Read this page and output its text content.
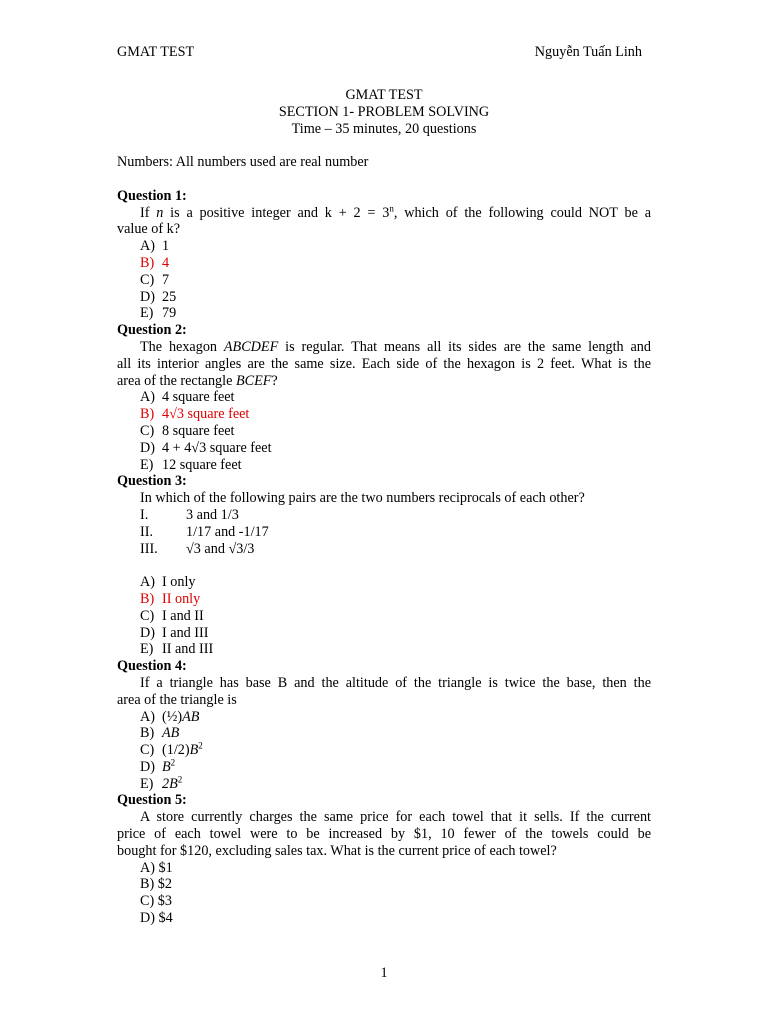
GMAT TEST	Nguyễn Tuấn Linh
GMAT TEST
SECTION 1- PROBLEM SOLVING
Time – 35 minutes, 20 questions
Numbers: All numbers used are real number
Question 1:
If n is a positive integer and $k + 2 = 3^n$, which of the following could NOT be a
value of k?
A) 1
B) 4
C) 7
D) 25
E) 79
Question 2:
The hexagon ABCDEF is regular. That means all its sides are the same length and
all its interior angles are the same size. Each side of the hexagon is 2 feet. What is the
area of the rectangle BCEF?
A) 4 square feet
B) 4√3 square feet
C) 8 square feet
D) 4 + 4√3 square feet
E) 12 square feet
Question 3:
In which of the following pairs are the two numbers reciprocals of each other?
I.	3 and 1/3
II. 1/17 and -1/17
III. √3 and √3/3
A) I only
B) II only
C) I and II
D) I and III
E) II and III
Question 4:
If a triangle has base B and the altitude of the triangle is twice the base, then the
area of the triangle is
A) (½)AB
B) AB
C) $(1/2)B^2$
D) $B^2$
E) $2B^2$
Question 5:
A store currently charges the same price for each towel that it sells. If the current
price of each towel were to be increased by $1, 10 fewer of the towels could be
bought for $120, excluding sales tax. What is the current price of each towel?
A) $1
B) $2
C) $3
D) $4
1
